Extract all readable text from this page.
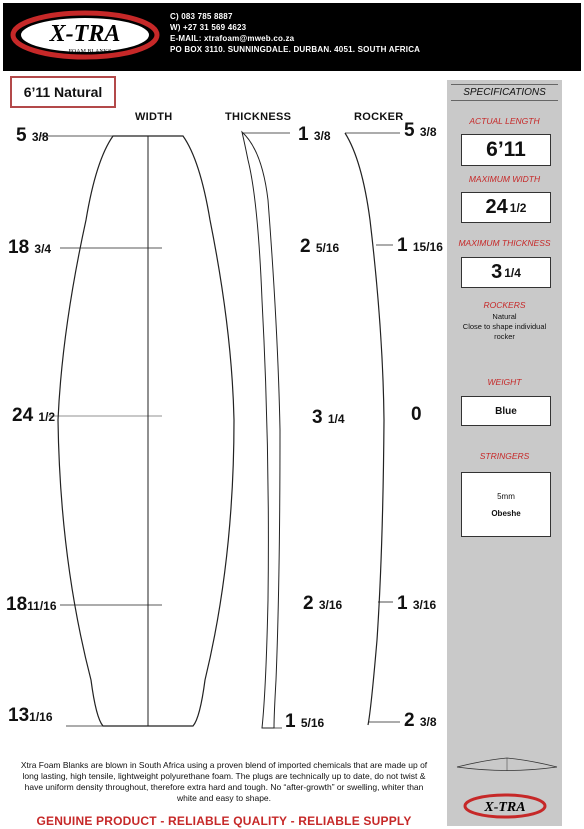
X-TRA
FOAM BLANKS
C) 083 785 8887
W) +27 31 569 4623
E-MAIL: xtrafoam@mweb.co.za
PO BOX 3110. SUNNINGDALE. DURBAN. 4051. SOUTH AFRICA
6’11 Natural
WIDTH	THICKNESS	ROCKER
5 3/8
18 3/4
24 1/2
1811/16
131/16
1 3/8
2 5/16
3 1/4
2 3/16
1 5/16
5 3/8
1 15/16
0
1 3/16
2 3/8
SPECIFICATIONS
ACTUAL LENGTH
6’11
MAXIMUM WIDTH
24 1/2
MAXIMUM THICKNESS
3 1/4
ROCKERS
Natural
Close to shape individual
rocker
WEIGHT
Blue
STRINGERS
5mm
Obeshe
X-TRA
Xtra Foam Blanks are blown in South Africa using a proven blend of imported chemicals that are made up of long lasting, high tensile, lightweight polyurethane foam. The plugs are technically up to date, do not twist & have uniform density throughout, therefore extra hard and tough. No “after-growth” or swelling, whiter than white and easy to shape.
GENUINE PRODUCT - RELIABLE QUALITY - RELIABLE SUPPLY
